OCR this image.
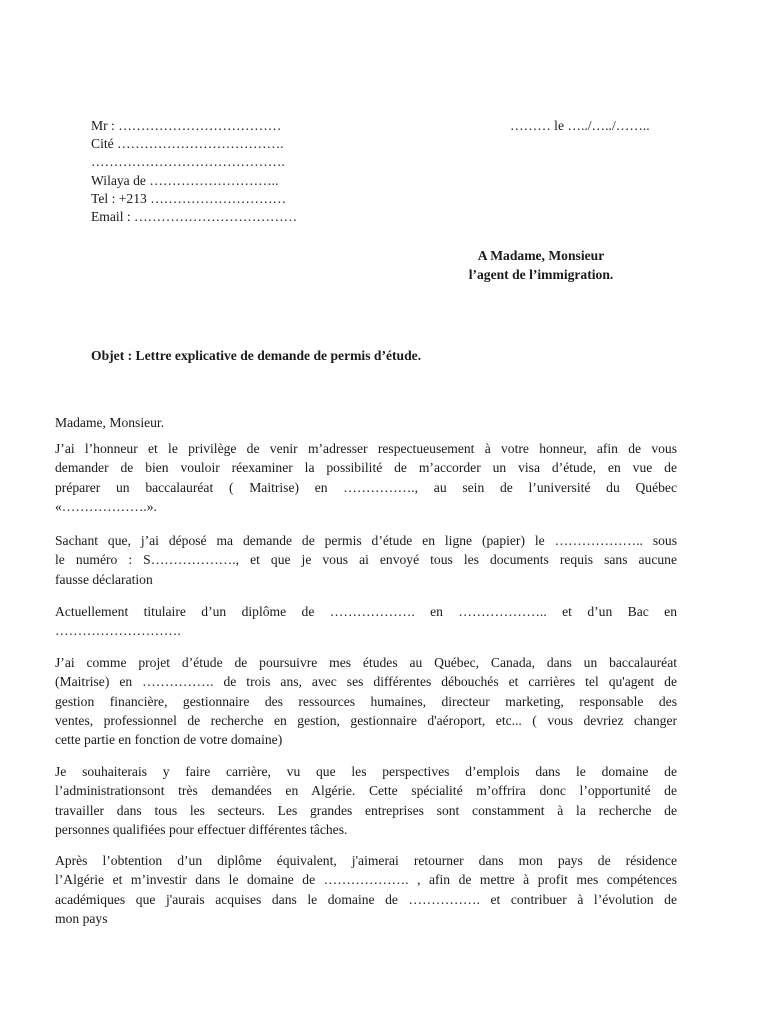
Mr : ………………………………
Cité ……………………………….
…………………………………….
Wilaya de ………………………..
Tel : +213 …………………………
Email : ………………………………
……… le …../…../……..
A Madame, Monsieur
l’agent de l’immigration.
Objet : Lettre explicative de demande de permis d’étude.
Madame, Monsieur.
J’ai l’honneur et le privilège de venir m’adresser respectueusement à votre honneur, afin de vous
demander de bien vouloir réexaminer la possibilité de m’accorder un visa d’étude, en vue de
préparer un baccalauréat ( Maitrise) en ……………., au sein de l’université du Québec
«……………….».
Sachant que, j’ai déposé ma demande de permis d’étude en ligne (papier) le ……………….. sous
le numéro : S………………., et que je vous ai envoyé tous les documents requis sans aucune
fausse déclaration
Actuellement titulaire d’un diplôme de ………………. en ……………….. et d’un Bac en
……………………….
J’ai comme projet d’étude de poursuivre mes études au Québec, Canada, dans un baccalauréat
(Maitrise) en ……………. de trois ans, avec ses différentes débouchés et carrières tel qu'agent de
gestion financière, gestionnaire des ressources humaines, directeur marketing, responsable des
ventes, professionnel de recherche en gestion, gestionnaire d'aéroport, etc... ( vous devriez changer
cette partie en fonction de votre domaine)
Je souhaiterais y faire carrière, vu que les perspectives d’emplois dans le domaine de
l’administrationsont très demandées en Algérie. Cette spécialité m’offrira donc l’opportunité de
travailler dans tous les secteurs. Les grandes entreprises sont constamment à la recherche de
personnes qualifiées pour effectuer différentes tâches.
Après l’obtention d’un diplôme équivalent, j'aimerai retourner dans mon pays de résidence
l’Algérie et m’investir dans le domaine de ………………. , afin de mettre à profit mes compétences
académiques que j'aurais acquises dans le domaine de ……………. et contribuer à l’évolution de
mon pays
